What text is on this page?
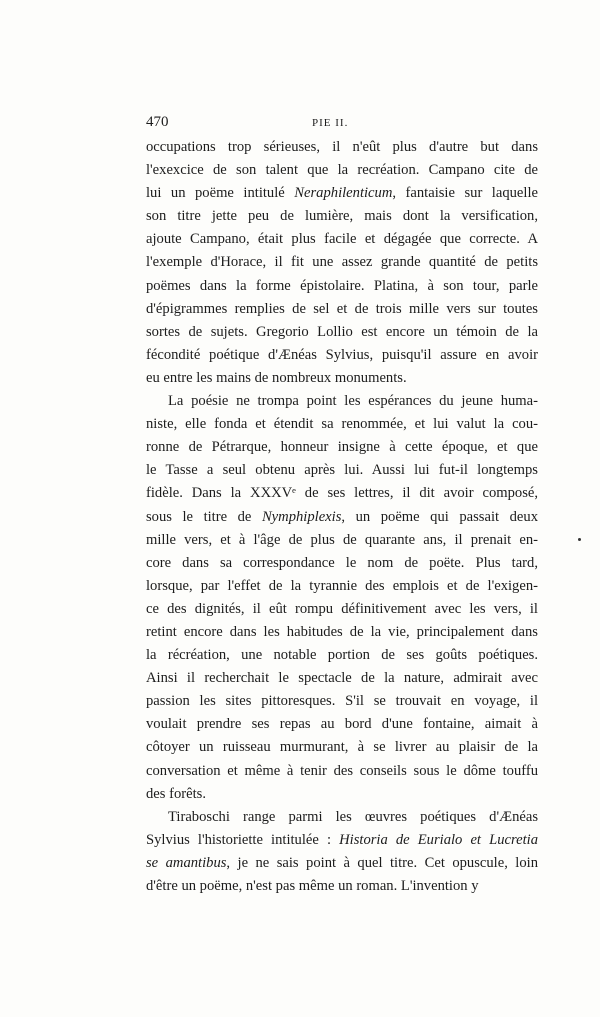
470	PIE II.
occupations trop sérieuses, il n'eût plus d'autre but dans
l'exexcice de son talent que la recréation. Campano cite de
lui un poëme intitulé Neraphilenticum, fantaisie sur laquelle
son titre jette peu de lumière, mais dont la versification,
ajoute Campano, était plus facile et dégagée que correcte. A
l'exemple d'Horace, il fit une assez grande quantité de petits
poëmes dans la forme épistolaire. Platina, à son tour, parle
d'épigrammes remplies de sel et de trois mille vers sur toutes
sortes de sujets. Gregorio Lollio est encore un témoin de la
fécondité poétique d'Ænéas Sylvius, puisqu'il assure en avoir
eu entre les mains de nombreux monuments.
La poésie ne trompa point les espérances du jeune huma-
niste, elle fonda et étendit sa renommée, et lui valut la cou-
ronne de Pétrarque, honneur insigne à cette époque, et que
le Tasse a seul obtenu après lui. Aussi lui fut-il longtemps
fidèle. Dans la XXXVᵉ de ses lettres, il dit avoir composé,
sous le titre de Nymphiplexis, un poëme qui passait deux
mille vers, et à l'âge de plus de quarante ans, il prenait en-
core dans sa correspondance le nom de poëte. Plus tard,
lorsque, par l'effet de la tyrannie des emplois et de l'exigen-
ce des dignités, il eût rompu définitivement avec les vers, il
retint encore dans les habitudes de la vie, principalement dans
la récréation, une notable portion de ses goûts poétiques.
Ainsi il recherchait le spectacle de la nature, admirait avec
passion les sites pittoresques. S'il se trouvait en voyage, il
voulait prendre ses repas au bord d'une fontaine, aimait à
côtoyer un ruisseau murmurant, à se livrer au plaisir de la
conversation et même à tenir des conseils sous le dôme touffu
des forêts.
Tiraboschi range parmi les œuvres poétiques d'Ænéas
Sylvius l'historiette intitulée : Historia de Eurialo et Lucretia
se amantibus, je ne sais point à quel titre. Cet opuscule, loin
d'être un poëme, n'est pas même un roman. L'invention y
